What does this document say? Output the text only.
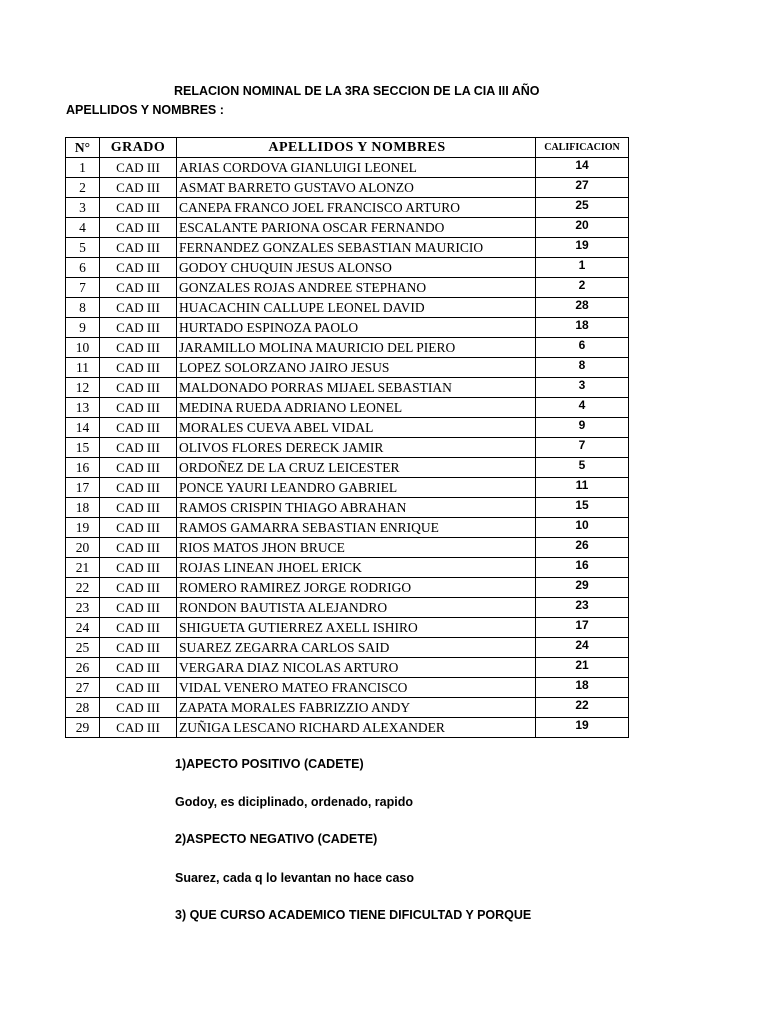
RELACION NOMINAL DE LA 3RA SECCION DE LA CIA III AÑO
APELLIDOS Y NOMBRES :
N°	GRADO	APELLIDOS Y NOMBRES	CALIFICACION
1	CAD III	ARIAS CORDOVA GIANLUIGI LEONEL	14
2	CAD III	ASMAT BARRETO GUSTAVO ALONZO	27
3	CAD III	CANEPA FRANCO JOEL FRANCISCO ARTURO	25
4	CAD III	ESCALANTE PARIONA OSCAR FERNANDO	20
5	CAD III	FERNANDEZ GONZALES SEBASTIAN MAURICIO	19
6	CAD III	GODOY CHUQUIN JESUS ALONSO	1
7	CAD III	GONZALES ROJAS ANDREE STEPHANO	2
8	CAD III	HUACACHIN CALLUPE LEONEL DAVID	28
9	CAD III	HURTADO ESPINOZA PAOLO	18
10	CAD III	JARAMILLO MOLINA MAURICIO DEL PIERO	6
11	CAD III	LOPEZ SOLORZANO JAIRO JESUS	8
12	CAD III	MALDONADO PORRAS MIJAEL SEBASTIAN	3
13	CAD III	MEDINA RUEDA ADRIANO LEONEL	4
14	CAD III	MORALES CUEVA ABEL VIDAL	9
15	CAD III	OLIVOS FLORES DERECK JAMIR	7
16	CAD III	ORDOÑEZ DE LA CRUZ LEICESTER	5
17	CAD III	PONCE YAURI LEANDRO GABRIEL	11
18	CAD III	RAMOS CRISPIN THIAGO ABRAHAN	15
19	CAD III	RAMOS GAMARRA SEBASTIAN ENRIQUE	10
20	CAD III	RIOS MATOS JHON BRUCE	26
21	CAD III	ROJAS LINEAN JHOEL ERICK	16
22	CAD III	ROMERO RAMIREZ JORGE RODRIGO	29
23	CAD III	RONDON BAUTISTA ALEJANDRO	23
24	CAD III	SHIGUETA GUTIERREZ AXELL ISHIRO	17
25	CAD III	SUAREZ ZEGARRA CARLOS SAID	24
26	CAD III	VERGARA DIAZ NICOLAS ARTURO	21
27	CAD III	VIDAL VENERO MATEO FRANCISCO	18
28	CAD III	ZAPATA MORALES FABRIZZIO ANDY	22
29	CAD III	ZUÑIGA LESCANO RICHARD ALEXANDER	19
1)APECTO POSITIVO (CADETE)
Godoy, es diciplinado, ordenado, rapido
2)ASPECTO NEGATIVO (CADETE)
Suarez, cada q lo levantan no hace caso
3) QUE CURSO ACADEMICO TIENE DIFICULTAD Y PORQUE
